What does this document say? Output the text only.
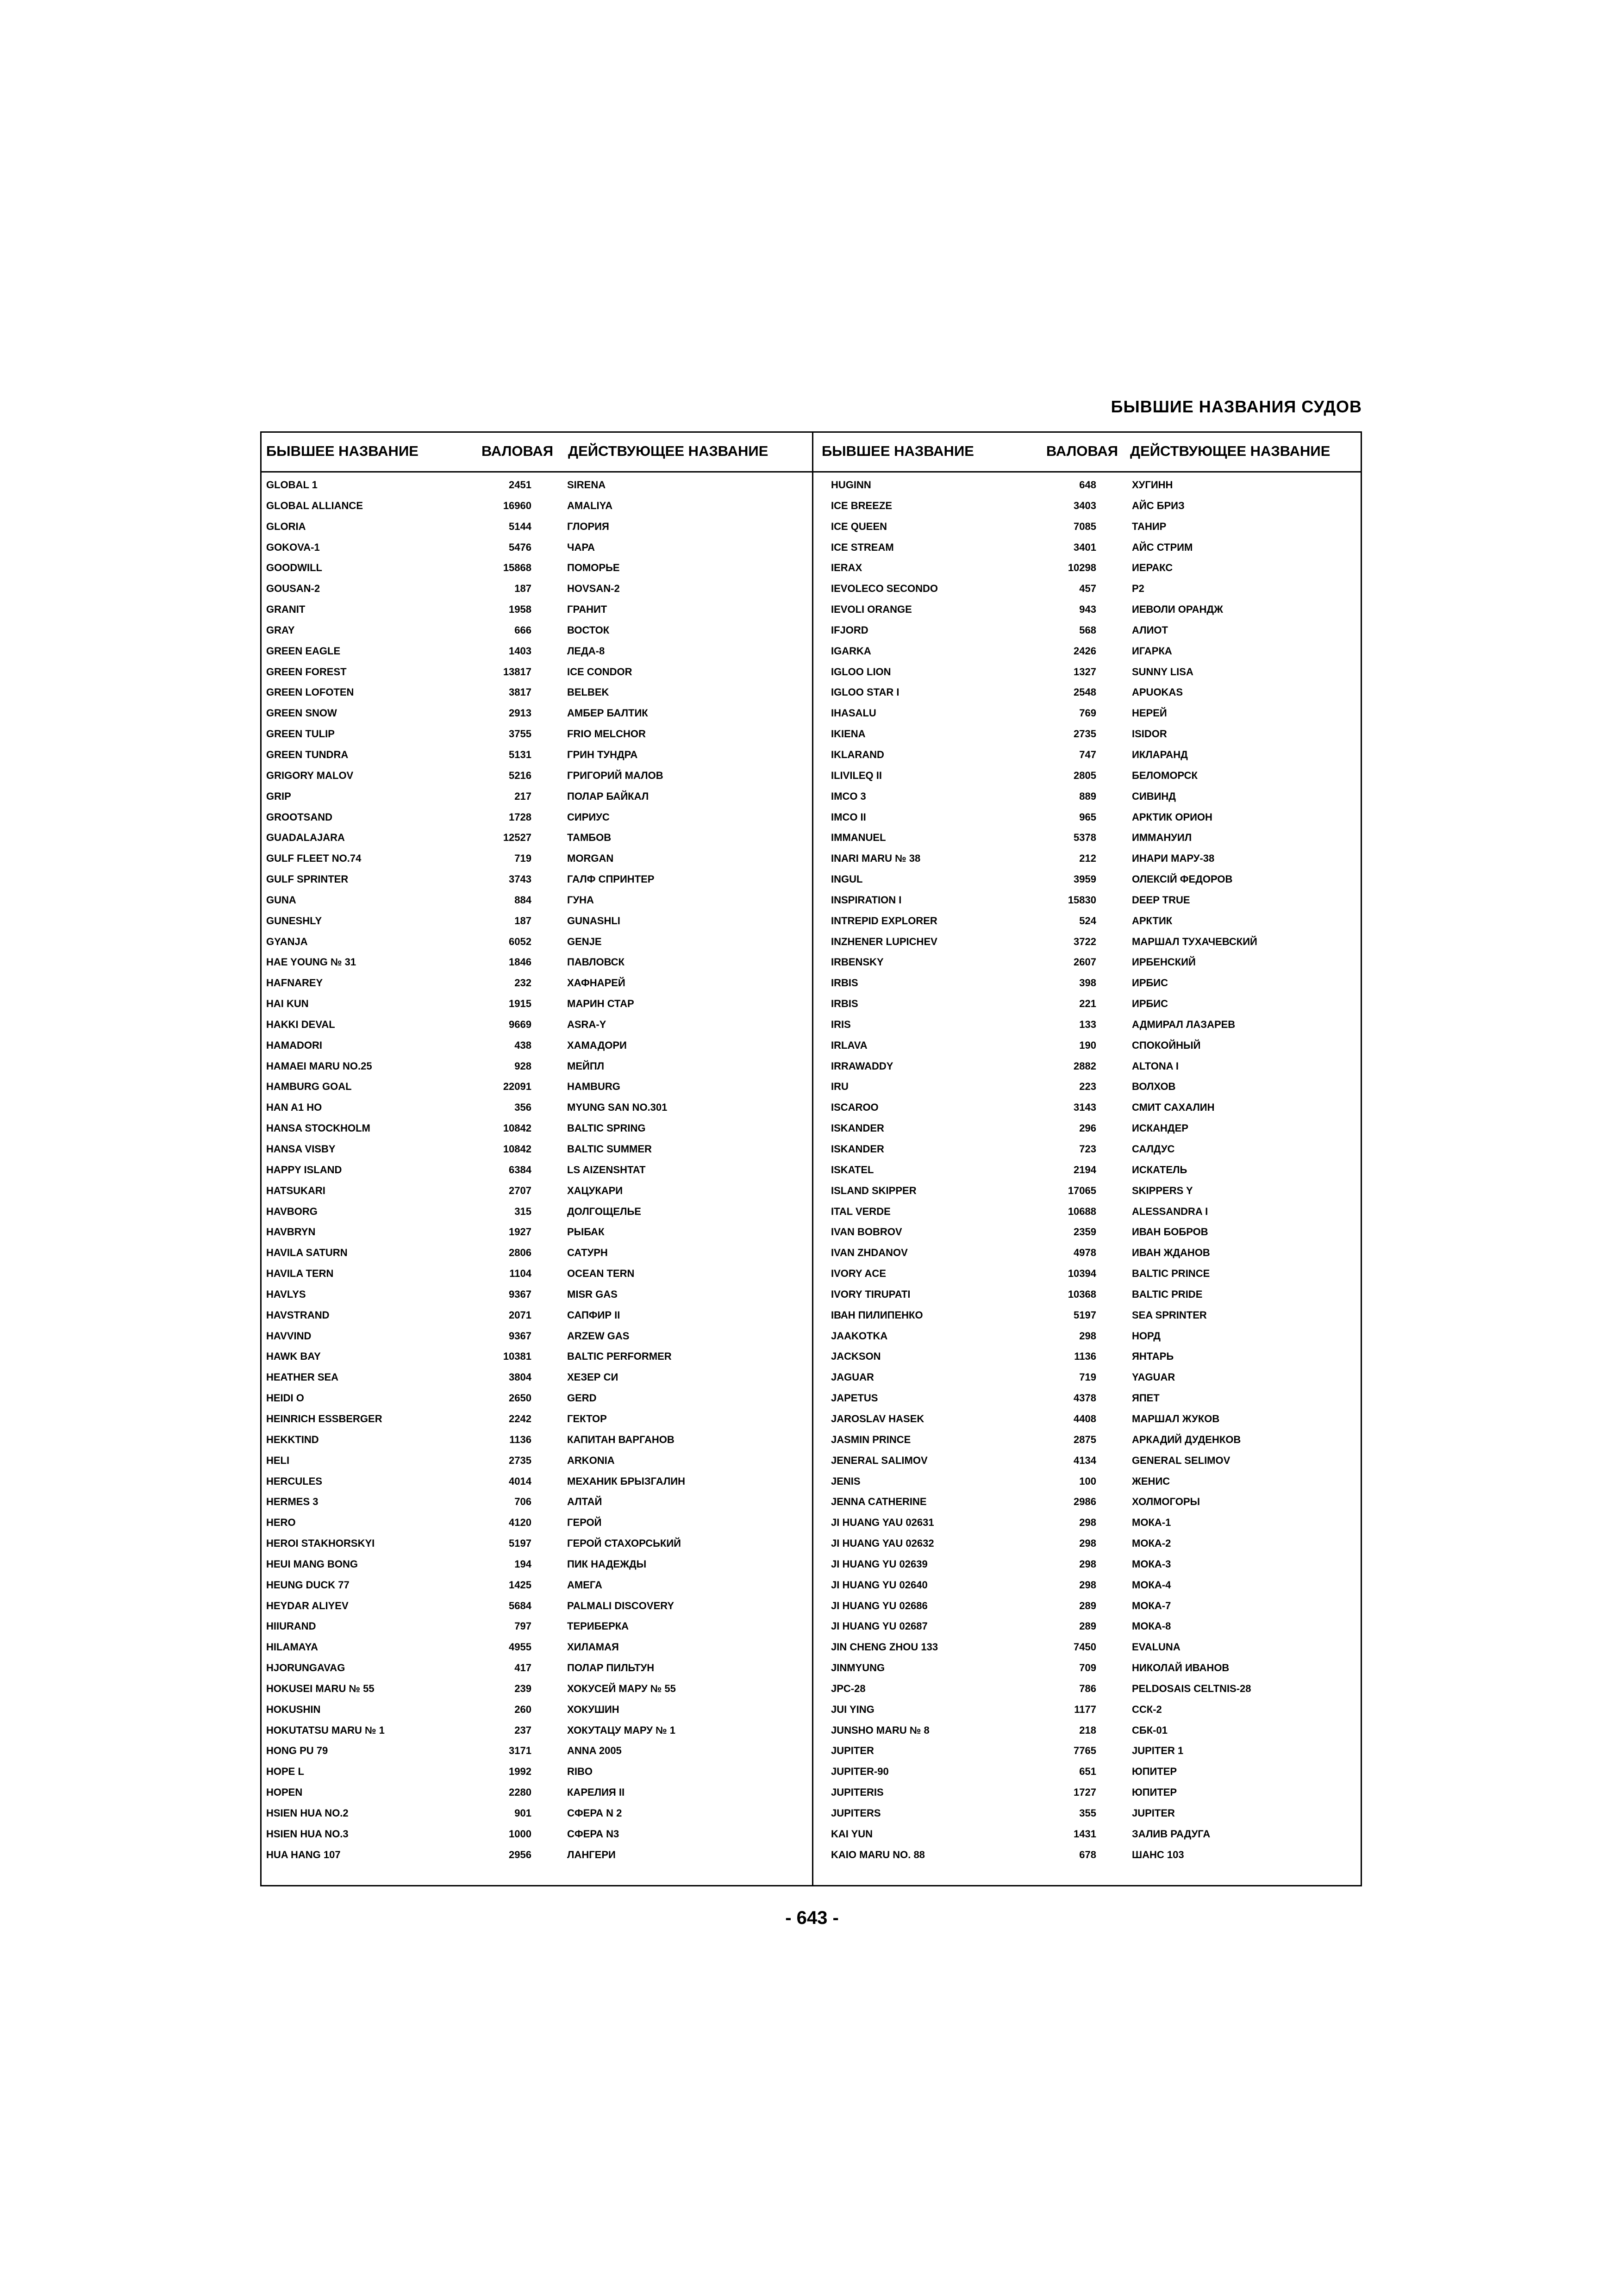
БЫВШИЕ НАЗВАНИЯ СУДОВ
БЫВШЕЕ НАЗВАНИЕ	ВАЛОВАЯ ДЕЙСТВУЮЩЕЕ НАЗВАНИЕ
GLOBAL 1	2451	SIRENA
GLOBAL ALLIANCE	16960	AMALIYA
GLORIA	5144	ГЛОРИЯ
GOKOVA-1	5476	ЧАРА
GOODWILL	15868	ПОМОРЬЕ
GOUSAN-2	187	HOVSAN-2
GRANIT	1958	ГРАНИТ
GRAY	666	ВОСТОК
GREEN EAGLE	1403	ЛЕДА-8
GREEN FOREST	13817	ICE CONDOR
GREEN LOFOTEN	3817	BELBEK
GREEN SNOW	2913	АМБЕР БАЛТИК
GREEN TULIP	3755	FRIO MELCHOR
GREEN TUNDRA	5131	ГРИН ТУНДРА
GRIGORY MALOV	5216	ГРИГОРИЙ МАЛОВ
GRIP	217	ПОЛАР БАЙКАЛ
GROOTSAND	1728	СИРИУС
GUADALAJARA	12527	ТАМБОВ
GULF FLEET NO.74	719	MORGAN
GULF SPRINTER	3743	ГАЛФ СПРИНТЕР
GUNA	884	ГУНА
GUNESHLY	187	GUNASHLI
GYANJA	6052	GENJE
HAE YOUNG № 31	1846	ПАВЛОВСК
HAFNAREY	232	ХАФНАРЕЙ
HAI KUN	1915	МАРИН СТАР
HAKKI DEVAL	9669	ASRA-Y
HAMADORI	438	ХАМАДОРИ
HAMAEI MARU NO.25	928	МЕЙПЛ
HAMBURG GOAL	22091	HAMBURG
HAN A1 HO	356	MYUNG SAN NO.301
HANSA STOCKHOLM	10842	BALTIC SPRING
HANSA VISBY	10842	BALTIC SUMMER
HAPPY ISLAND	6384	LS AIZENSHTAT
HATSUKARI	2707	ХАЦУКАРИ
HAVBORG	315	ДОЛГОЩЕЛЬЕ
HAVBRYN	1927	РЫБАК
HAVILA SATURN	2806	САТУРН
HAVILA TERN	1104	OCEAN TERN
HAVLYS	9367	MISR GAS
HAVSTRAND	2071	САПФИР II
HAVVIND	9367	ARZEW GAS
HAWK BAY	10381	BALTIC PERFORMER
HEATHER SEA	3804	ХЕЗЕР СИ
HEIDI O	2650	GERD
HEINRICH ESSBERGER	2242	ГЕКТОР
HEKKTIND	1136	КАПИТАН ВАРГАНОВ
HELI	2735	ARKONIA
HERCULES	4014	МЕХАНИК БРЫЗГАЛИН
HERMES 3	706	АЛТАЙ
HERO	4120	ГЕРОЙ
HEROI STAKHORSKYI	5197	ГЕРОЙ СТАХОРСЬКИЙ
HEUI MANG BONG	194	ПИК НАДЕЖДЫ
HEUNG DUCK 77	1425	АМЕГА
HEYDAR ALIYEV	5684	PALMALI DISCOVERY
HIIURAND	797	ТЕРИБЕРКА
HILAMAYA	4955	ХИЛАМАЯ
HJORUNGAVAG	417	ПОЛАР ПИЛЬТУН
HOKUSEI MARU № 55	239	ХОКУСЕЙ МАРУ № 55
HOKUSHIN	260	ХОКУШИН
HOKUTATSU MARU № 1	237	ХОКУТАЦУ МАРУ № 1
HONG PU 79	3171	ANNA 2005
HOPE L	1992	RIBO
HOPEN	2280	КАРЕЛИЯ II
HSIEN HUA NO.2	901	СФЕРА N 2
HSIEN HUA NO.3	1000	СФЕРА N3
HUA HANG 107	2956	ЛАНГЕРИ
БЫВШЕЕ НАЗВАНИЕ	ВАЛОВАЯ ДЕЙСТВУЮЩЕЕ НАЗВАНИЕ
HUGINN	648	ХУГИНН
ICE BREEZE	3403	АЙС БРИЗ
ICE QUEEN	7085	ТАНИР
ICE STREAM	3401	АЙС СТРИМ
IERAX	10298	ИЕРАКС
IEVOLECO SECONDO	457	P2
IEVOLI ORANGE	943	ИЕВОЛИ ОРАНДЖ
IFJORD	568	АЛИОТ
IGARKA	2426	ИГАРКА
IGLOO LION	1327	SUNNY LISA
IGLOO STAR I	2548	APUOKAS
IHASALU	769	НЕРЕЙ
IKIENA	2735	ISIDOR
IKLARAND	747	ИКЛАРАНД
ILIVILEQ II	2805	БЕЛОМОРСК
IMCO 3	889	СИВИНД
IMCO II	965	АРКТИК ОРИОН
IMMANUEL	5378	ИММАНУИЛ
INARI MARU № 38	212	ИНАРИ МАРУ-38
INGUL	3959	ОЛЕКСІЙ ФЕДОРОВ
INSPIRATION I	15830	DEEP TRUE
INTREPID EXPLORER	524	АРКТИК
INZHENER LUPICHEV	3722	МАРШАЛ ТУХАЧЕВСКИЙ
IRBENSKY	2607	ИРБЕНСКИЙ
IRBIS	398	ИРБИС
IRBIS	221	ИРБИС
IRIS	133	АДМИРАЛ ЛАЗАРЕВ
IRLAVA	190	СПОКОЙНЫЙ
IRRAWADDY	2882	ALTONA I
IRU	223	ВОЛХОВ
ISCAROO	3143	СМИТ САХАЛИН
ISKANDER	296	ИСКАНДЕР
ISKANDER	723	САЛДУС
ISKATEL	2194	ИСКАТЕЛЬ
ISLAND SKIPPER	17065	SKIPPERS Y
ITAL VERDE	10688	ALESSANDRA I
IVAN BOBROV	2359	ИВАН БОБРОВ
IVAN ZHDANOV	4978	ИВАН ЖДАНОВ
IVORY ACE	10394	BALTIC PRINCE
IVORY TIRUPATI	10368	BALTIC PRIDE
IВАН ПИЛИПЕНКО	5197	SEA SPRINTER
JAAKOTKA	298	НОРД
JACKSON	1136	ЯНТАРЬ
JAGUAR	719	YAGUAR
JAPETUS	4378	ЯПЕТ
JAROSLAV HASEK	4408	МАРШАЛ ЖУКОВ
JASMIN PRINCE	2875	АРКАДИЙ ДУДЕНКОВ
JENERAL SALIMOV	4134	GENERAL SELIMOV
JENIS	100	ЖЕНИС
JENNA CATHERINE	2986	ХОЛМОГОРЫ
JI HUANG YAU 02631	298	МОКА-1
JI HUANG YAU 02632	298	МОКА-2
JI HUANG YU 02639	298	МОКА-3
JI HUANG YU 02640	298	МОКА-4
JI HUANG YU 02686	289	МОКА-7
JI HUANG YU 02687	289	МОКА-8
JIN CHENG ZHOU 133	7450	EVALUNA
JINMYUNG	709	НИКОЛАЙ ИВАНОВ
JPC-28	786	PELDOSAIS CELTNIS-28
JUI YING	1177	ССК-2
JUNSHO MARU № 8	218	СБК-01
JUPITER	7765	JUPITER 1
JUPITER-90	651	ЮПИТЕР
JUPITERIS	1727	ЮПИТЕР
JUPITERS	355	JUPITER
KAI YUN	1431	ЗАЛИВ РАДУГА
KAIO MARU NO. 88	678	ШАНС 103

- 643 -
